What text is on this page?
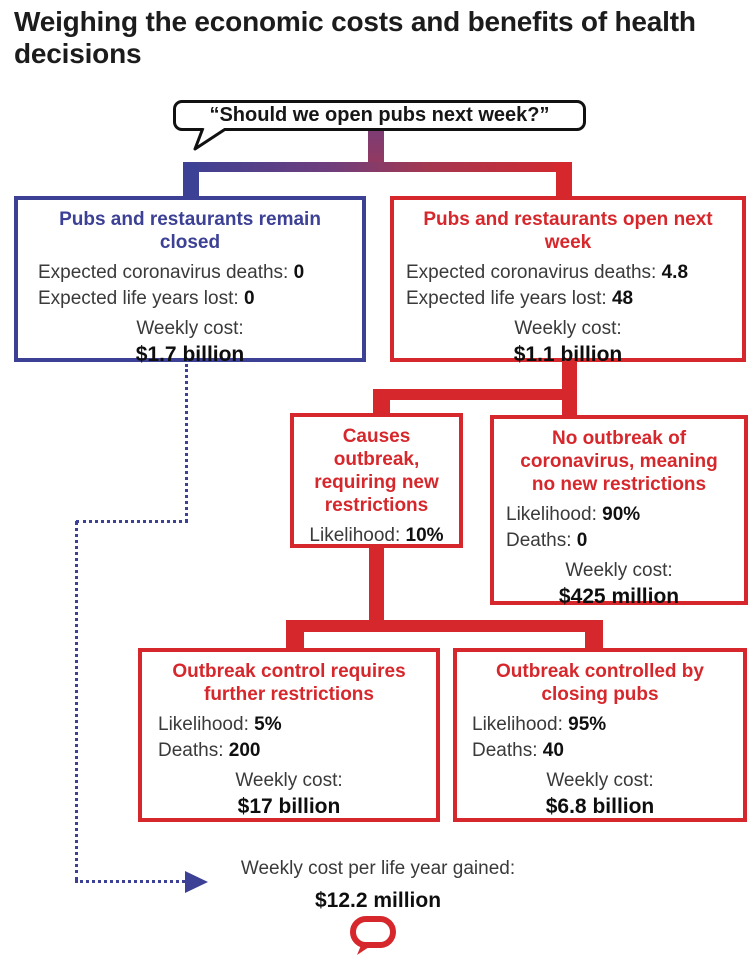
Weighing the economic costs and benefits of health decisions
“Should we open pubs next week?”
Pubs and restaurants remain closed
Expected coronavirus deaths: 0
Expected life years lost: 0
Weekly cost:
$1.7 billion
Pubs and restaurants open next week
Expected coronavirus deaths: 4.8
Expected life years lost: 48
Weekly cost:
$1.1 billion
Causes outbreak, requiring new restrictions
Likelihood: 10%
No outbreak of coronavirus, meaning no new restrictions
Likelihood: 90%
Deaths: 0
Weekly cost:
$425 million
Outbreak control requires further restrictions
Likelihood: 5%
Deaths: 200
Weekly cost:
$17 billion
Outbreak controlled by closing pubs
Likelihood: 95%
Deaths: 40
Weekly cost:
$6.8 billion
Weekly cost per life year gained:
$12.2 million
